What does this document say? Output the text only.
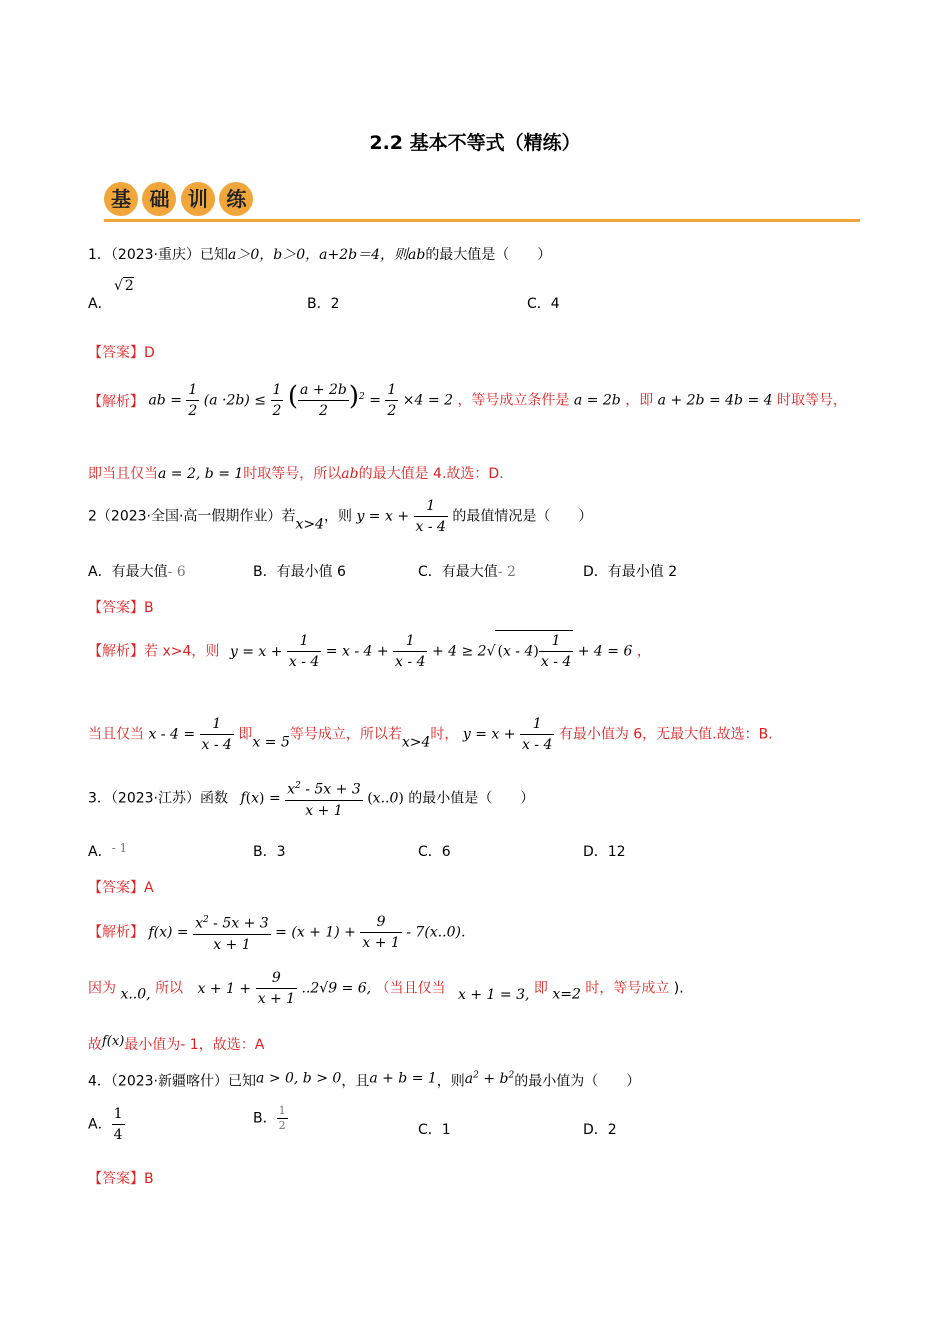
2.2 基本不等式（精练）
基 础 训 练
1．（2023·重庆）已知a＞0，b＞0，a+2b＝4，则ab的最大值是（　　）
A．
√ 2
B．2	C．4
【答案】D
【解析】 ab = $\frac{1}{2} (a \cdot 2b) \le \frac{1}{2}$ ( $\frac{a + 2b}{2} )^2 = \frac{1}{2} \times 4 = 2$ ，等号成立条件是 a = 2b ，即 a + 2b = 4b = 4 时取等号，
即当且仅当a = 2, b = 1时取等号，所以ab的最大值是 4.故选：D.
2（2023·全国·高一假期作业）若x>4，则 $y = x + \frac{1}{x - 4}$ 的最值情况是（　　）
A．有最大值- 6	B．有最小值 6	C．有最大值- 2	D．有最小值 2
【答案】B
【解析】若 x>4，则 $y = x + \frac{1}{x - 4} = x - 4 + \frac{1}{x - 4} + 4 \ge 2√$ $(x - 4) \frac{1}{x - 4} + 4 = 6$ ，
当且仅当 $x - 4 = \frac{1}{x - 4}$ 即x = 5等号成立，所以若x>4时， $y = x + \frac{1}{x - 4}$ 有最小值为 6，无最大值.故选：B.
3．（2023·江苏）函数 $f(x) = \frac{x^2 - 5x + 3}{x + 1} (x..0)$ 的最小值是（　　）
A．- 1	B．3	C．6	D．12
【答案】A
【解析】 $f(x) = \frac{x^2 - 5x + 3}{x + 1} = (x + 1) + \frac{9}{x + 1} - 7(x..0)$.
因为 x..0, 所以 $x + 1 + \frac{9}{x + 1} ..2√9 = 6$, （当且仅当 x + 1 = 3, 即 x=2 时，等号成立 ).
故f(x)最小值为- 1，故选：A
4．（2023·新疆喀什）已知a > 0, b > 0，且a + b = 1，则$a^2 + b^2$的最小值为（　　）
A． $\frac{1}{4}$	B． $\frac{1}{2}$	C．1	D．2
【答案】B
